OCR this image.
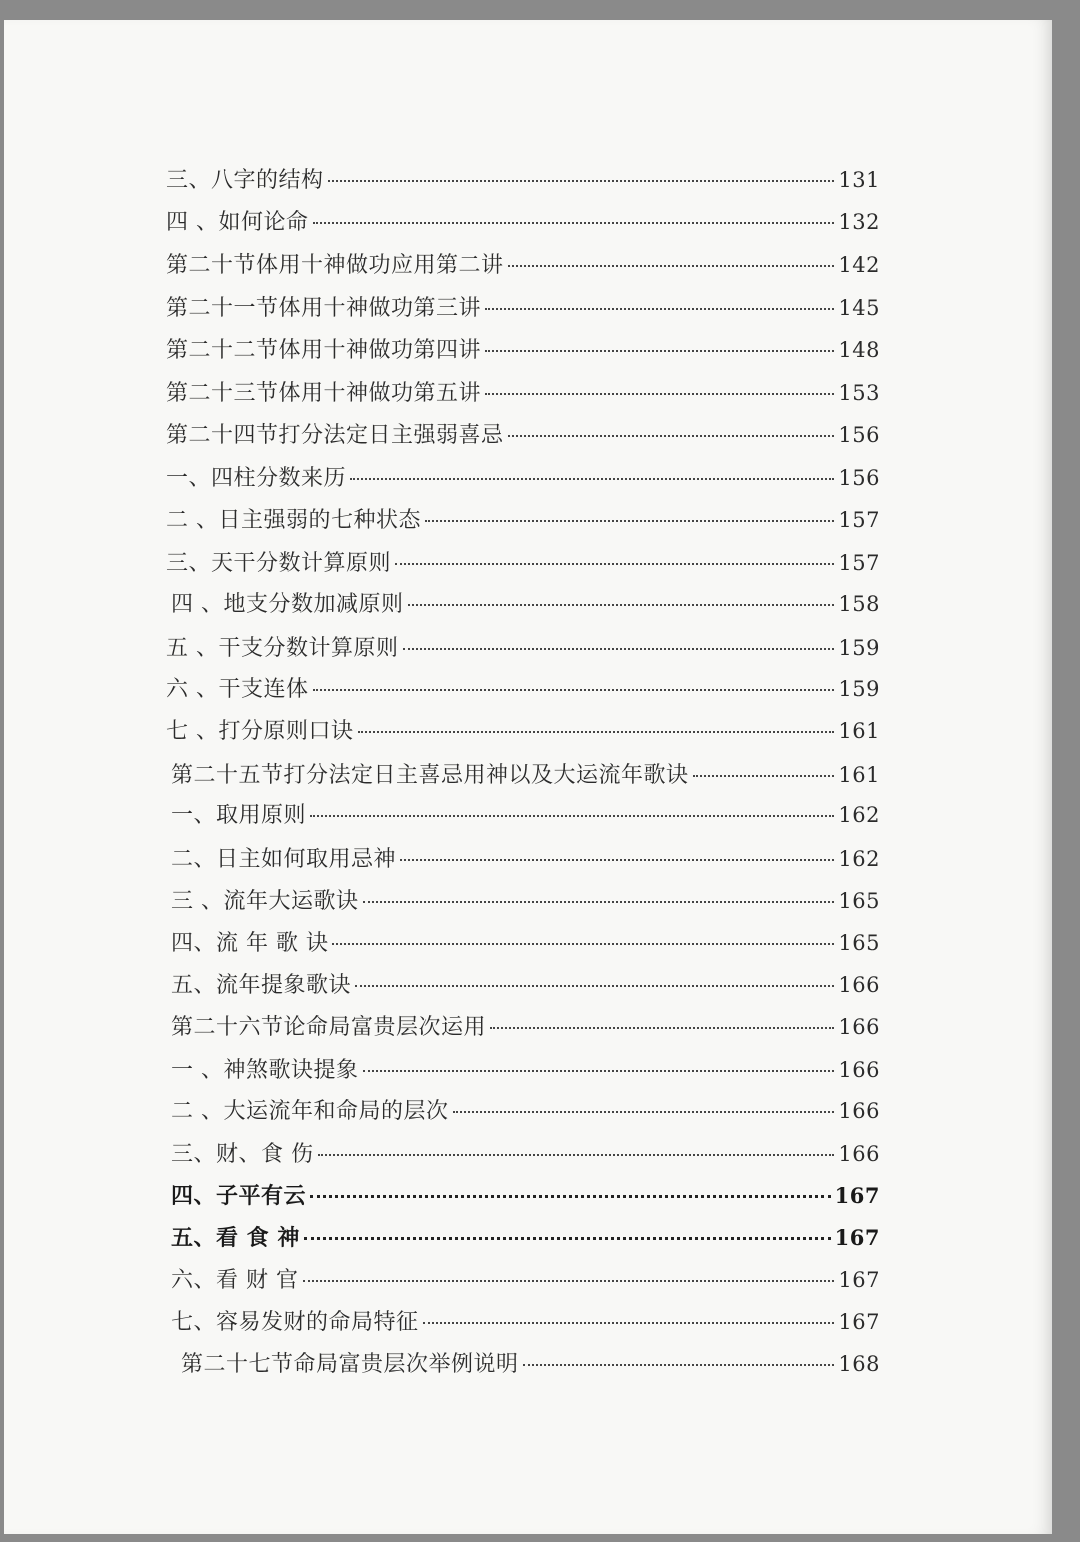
三、八字的结构	131
四 、如何论命	132
第二十节体用十神做功应用第二讲	142
第二十一节体用十神做功第三讲	145
第二十二节体用十神做功第四讲	148
第二十三节体用十神做功第五讲	153
第二十四节打分法定日主强弱喜忌	156
一、四柱分数来历	156
二 、日主强弱的七种状态	157
三、天干分数计算原则	157
四 、地支分数加减原则	158
五 、干支分数计算原则	159
六 、干支连体	159
七 、打分原则口诀	161
第二十五节打分法定日主喜忌用神以及大运流年歌诀	161
一、取用原则	162
二、日主如何取用忌神	162
三 、流年大运歌诀	165
四、流 年 歌 诀	165
五、流年提象歌诀	166
第二十六节论命局富贵层次运用	166
一 、神煞歌诀提象	166
二 、大运流年和命局的层次	166
三、财、食 伤	166
四、子平有云	167
五、看 食 神	167
六、看 财 官	167
七、容易发财的命局特征	167
第二十七节命局富贵层次举例说明	168
